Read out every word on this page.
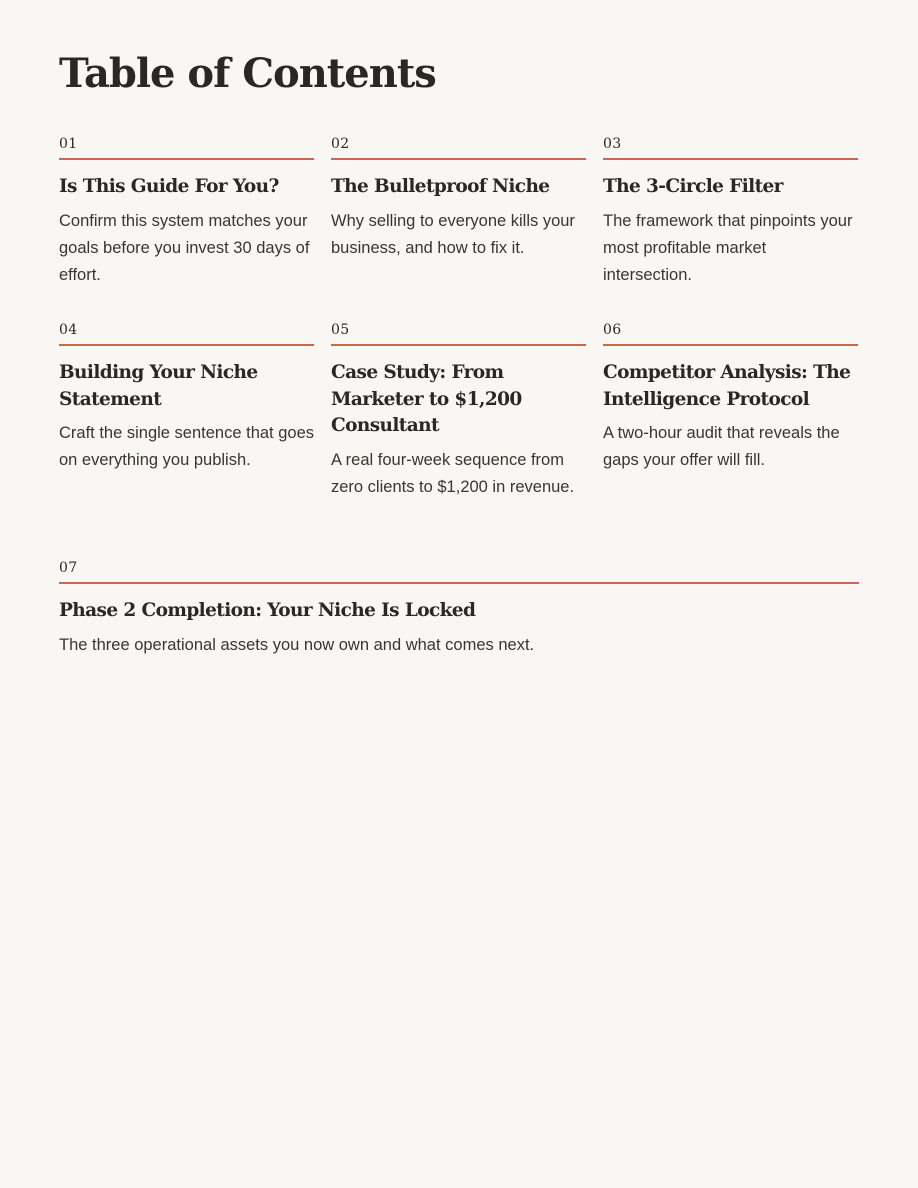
Table of Contents
01
Is This Guide For You?

Confirm this system matches your goals before you invest 30 days of effort.

02
The Bulletproof Niche

Why selling to everyone kills your business, and how to fix it.

03
The 3-Circle Filter

The framework that pinpoints your most profitable market intersection.

04
Building Your Niche Statement

Craft the single sentence that goes on everything you publish.

05
Case Study: From Marketer to $1,200 Consultant

A real four-week sequence from zero clients to $1,200 in revenue.

06
Competitor Analysis: The Intelligence Protocol

A two-hour audit that reveals the gaps your offer will fill.

07
Phase 2 Completion: Your Niche Is Locked

The three operational assets you now own and what comes next.
